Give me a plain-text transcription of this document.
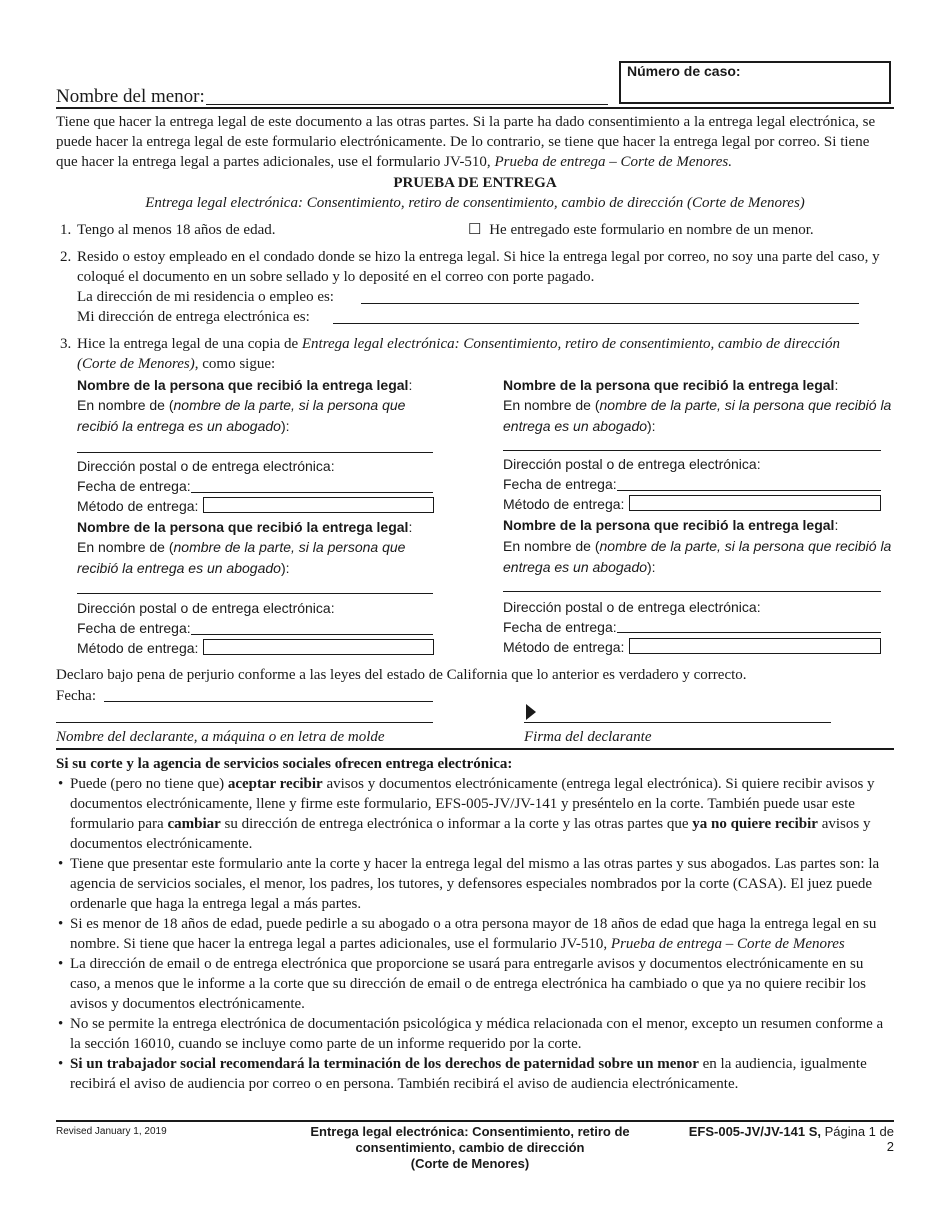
Nombre del menor:
Número de caso:
Tiene que hacer la entrega legal de este documento a las otras partes. Si la parte ha dado consentimiento a la entrega legal electrónica, se puede hacer la entrega legal de este formulario electrónicamente. De lo contrario, se tiene que hacer la entrega legal por correo. Si tiene que hacer la entrega legal a partes adicionales, use el formulario JV-510, Prueba de entrega – Corte de Menores.
PRUEBA DE ENTREGA
Entrega legal electrónica: Consentimiento, retiro de consentimiento, cambio de dirección (Corte de Menores)
1. Tengo al menos 18 años de edad.	☐ He entregado este formulario en nombre de un menor.
2. Resido o estoy empleado en el condado donde se hizo la entrega legal. Si hice la entrega legal por correo, no soy una parte del caso, y coloqué el documento en un sobre sellado y lo deposité en el correo con porte pagado.
La dirección de mi residencia o empleo es:
Mi dirección de entrega electrónica es:
3. Hice la entrega legal de una copia de Entrega legal electrónica: Consentimiento, retiro de consentimiento, cambio de dirección (Corte de Menores), como sigue:
Nombre de la persona que recibió la entrega legal:
En nombre de (nombre de la parte, si la persona que recibió la entrega es un abogado):
Dirección postal o de entrega electrónica:
Fecha de entrega:
Método de entrega:
Nombre de la persona que recibió la entrega legal:
En nombre de (nombre de la parte, si la persona que recibió la entrega es un abogado):
Dirección postal o de entrega electrónica:
Fecha de entrega:
Método de entrega:
Nombre de la persona que recibió la entrega legal:
En nombre de (nombre de la parte, si la persona que recibió la entrega es un abogado):
Dirección postal o de entrega electrónica:
Fecha de entrega:
Método de entrega:
Nombre de la persona que recibió la entrega legal:
En nombre de (nombre de la parte, si la persona que recibió la entrega es un abogado):
Dirección postal o de entrega electrónica:
Fecha de entrega:
Método de entrega:
Declaro bajo pena de perjurio conforme a las leyes del estado de California que lo anterior es verdadero y correcto.
Fecha:
Nombre del declarante, a máquina o en letra de molde	Firma del declarante
Si su corte y la agencia de servicios sociales ofrecen entrega electrónica:
• Puede (pero no tiene que) aceptar recibir avisos y documentos electrónicamente (entrega legal electrónica). Si quiere recibir avisos y documentos electrónicamente, llene y firme este formulario, EFS-005-JV/JV-141 y preséntelo en la corte. También puede usar este formulario para cambiar su dirección de entrega electrónica o informar a la corte y las otras partes que ya no quiere recibir avisos y documentos electrónicamente.
• Tiene que presentar este formulario ante la corte y hacer la entrega legal del mismo a las otras partes y sus abogados. Las partes son: la agencia de servicios sociales, el menor, los padres, los tutores, y defensores especiales nombrados por la corte (CASA). El juez puede ordenarle que haga la entrega legal a más partes.
• Si es menor de 18 años de edad, puede pedirle a su abogado o a otra persona mayor de 18 años de edad que haga la entrega legal en su nombre. Si tiene que hacer la entrega legal a partes adicionales, use el formulario JV-510, Prueba de entrega – Corte de Menores
• La dirección de email o de entrega electrónica que proporcione se usará para entregarle avisos y documentos electrónicamente en su caso, a menos que le informe a la corte que su dirección de email o de entrega electrónica ha cambiado o que ya no quiere recibir los avisos y documentos electrónicamente.
• No se permite la entrega electrónica de documentación psicológica y médica relacionada con el menor, excepto un resumen conforme a la sección 16010, cuando se incluye como parte de un informe requerido por la corte.
• Si un trabajador social recomendará la terminación de los derechos de paternidad sobre un menor en la audiencia, igualmente recibirá el aviso de audiencia por correo o en persona. También recibirá el aviso de audiencia electrónicamente.
Revised January 1, 2019	Entrega legal electrónica: Consentimiento, retiro de
consentimiento, cambio de dirección
(Corte de Menores)
EFS-005-JV/JV-141 S, Página 1 de 2
